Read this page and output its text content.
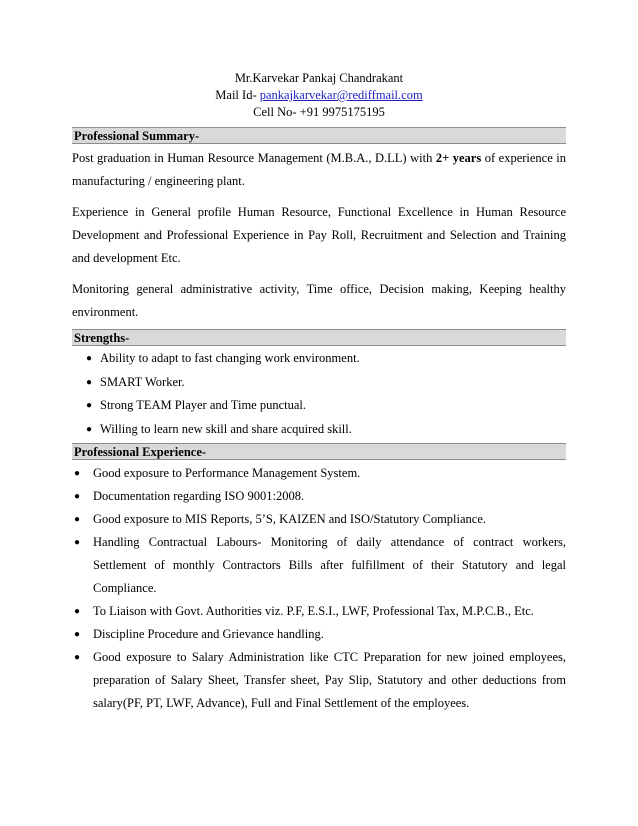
Mr.Karvekar Pankaj Chandrakant
Mail Id- pankajkarvekar@rediffmail.com
Cell No- +91 9975175195
Professional Summary-
Post graduation in Human Resource Management (M.B.A., D.LL) with 2+ years of experience in manufacturing / engineering plant.
Experience in General profile Human Resource, Functional Excellence in Human Resource Development and Professional Experience in Pay Roll, Recruitment and Selection and Training and development Etc.
Monitoring general administrative activity, Time office, Decision making, Keeping healthy environment.
Strengths-
● Ability to adapt to fast changing work environment.
● SMART Worker.
● Strong TEAM Player and Time punctual.
● Willing to learn new skill and share acquired skill.
Professional Experience-
● Good exposure to Performance Management System.
● Documentation regarding ISO 9001:2008.
● Good exposure to MIS Reports, 5’S, KAIZEN and ISO/Statutory Compliance.
● Handling Contractual Labours- Monitoring of daily attendance of contract workers, Settlement of monthly Contractors Bills after fulfillment of their Statutory and legal Compliance.
● To Liaison with Govt. Authorities viz. P.F, E.S.I., LWF, Professional Tax, M.P.C.B., Etc.
● Discipline Procedure and Grievance handling.
● Good exposure to Salary Administration like CTC Preparation for new joined employees, preparation of Salary Sheet, Transfer sheet, Pay Slip, Statutory and other deductions from salary(PF, PT, LWF, Advance), Full and Final Settlement of the employees.
